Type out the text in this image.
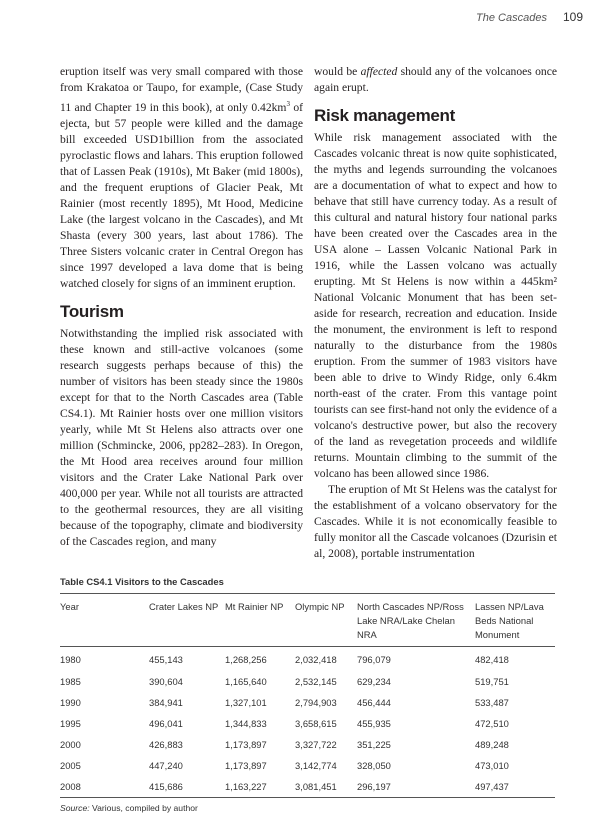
The Cascades 109

eruption itself was very small compared with those from Krakatoa or Taupo, for example, (Case Study 11 and Chapter 19 in this book), at only $0.42km^3$ of ejecta, but 57 people were killed and the damage bill exceeded USD1billion from the associated pyroclastic flows and lahars. This eruption followed that of Lassen Peak (1910s), Mt Baker (mid 1800s), and the frequent eruptions of Glacier Peak, Mt Rainier (most recently 1895), Mt Hood, Medicine Lake (the largest volcano in the Cascades), and Mt Shasta (every 300 years, last about 1786). The Three Sisters volcanic crater in Central Oregon has since 1997 developed a lava dome that is being watched closely for signs of an imminent eruption.

Tourism

Notwithstanding the implied risk associated with these known and still-active volcanoes (some research suggests perhaps because of this) the number of visitors has been steady since the 1980s except for that to the North Cascades area (Table CS4.1). Mt Rainier hosts over one million visitors yearly, while Mt St Helens also attracts over one million (Schmincke, 2006, pp282–283). In Oregon, the Mt Hood area receives around four million visitors and the Crater Lake National Park over 400,000 per year. While not all tourists are attracted to the geothermal resources, they are all visiting because of the topography, climate and biodiversity of the Cascades region, and many

would be affected should any of the volcanoes once again erupt.

Risk management

While risk management associated with the Cascades volcanic threat is now quite sophisticated, the myths and legends surrounding the volcanoes are a documentation of what to expect and how to behave that still have currency today. As a result of this cultural and natural history four national parks have been created over the Cascades area in the USA alone – Lassen Volcanic National Park in 1916, while the Lassen volcano was actually erupting. Mt St Helens is now within a 445km² National Volcanic Monument that has been set-aside for research, recreation and education. Inside the monument, the environment is left to respond naturally to the disturbance from the 1980s eruption. From the summer of 1983 visitors have been able to drive to Windy Ridge, only 6.4km north-east of the crater. From this vantage point tourists can see first-hand not only the evidence of a volcano's destructive power, but also the recovery of the land as revegetation proceeds and wildlife returns. Mountain climbing to the summit of the volcano has been allowed since 1986.

The eruption of Mt St Helens was the catalyst for the establishment of a volcano observatory for the Cascades. While it is not economically feasible to fully monitor all the Cascade volcanoes (Dzurisin et al, 2008), portable instrumentation

Table CS4.1 Visitors to the Cascades
Year	Crater Lakes NP	Mt Rainier NP	Olympic NP	North Cascades NP/Ross Lake NRA/Lake Chelan NRA	Lassen NP/Lava Beds National Monument
1980	455,143	1,268,256	2,032,418	796,079	482,418
1985	390,604	1,165,640	2,532,145	629,234	519,751
1990	384,941	1,327,101	2,794,903	456,444	533,487
1995	496,041	1,344,833	3,658,615	455,935	472,510
2000	426,883	1,173,897	3,327,722	351,225	489,248
2005	447,240	1,173,897	3,142,774	328,050	473,010
2008	415,686	1,163,227	3,081,451	296,197	497,437
Source: Various, compiled by author
